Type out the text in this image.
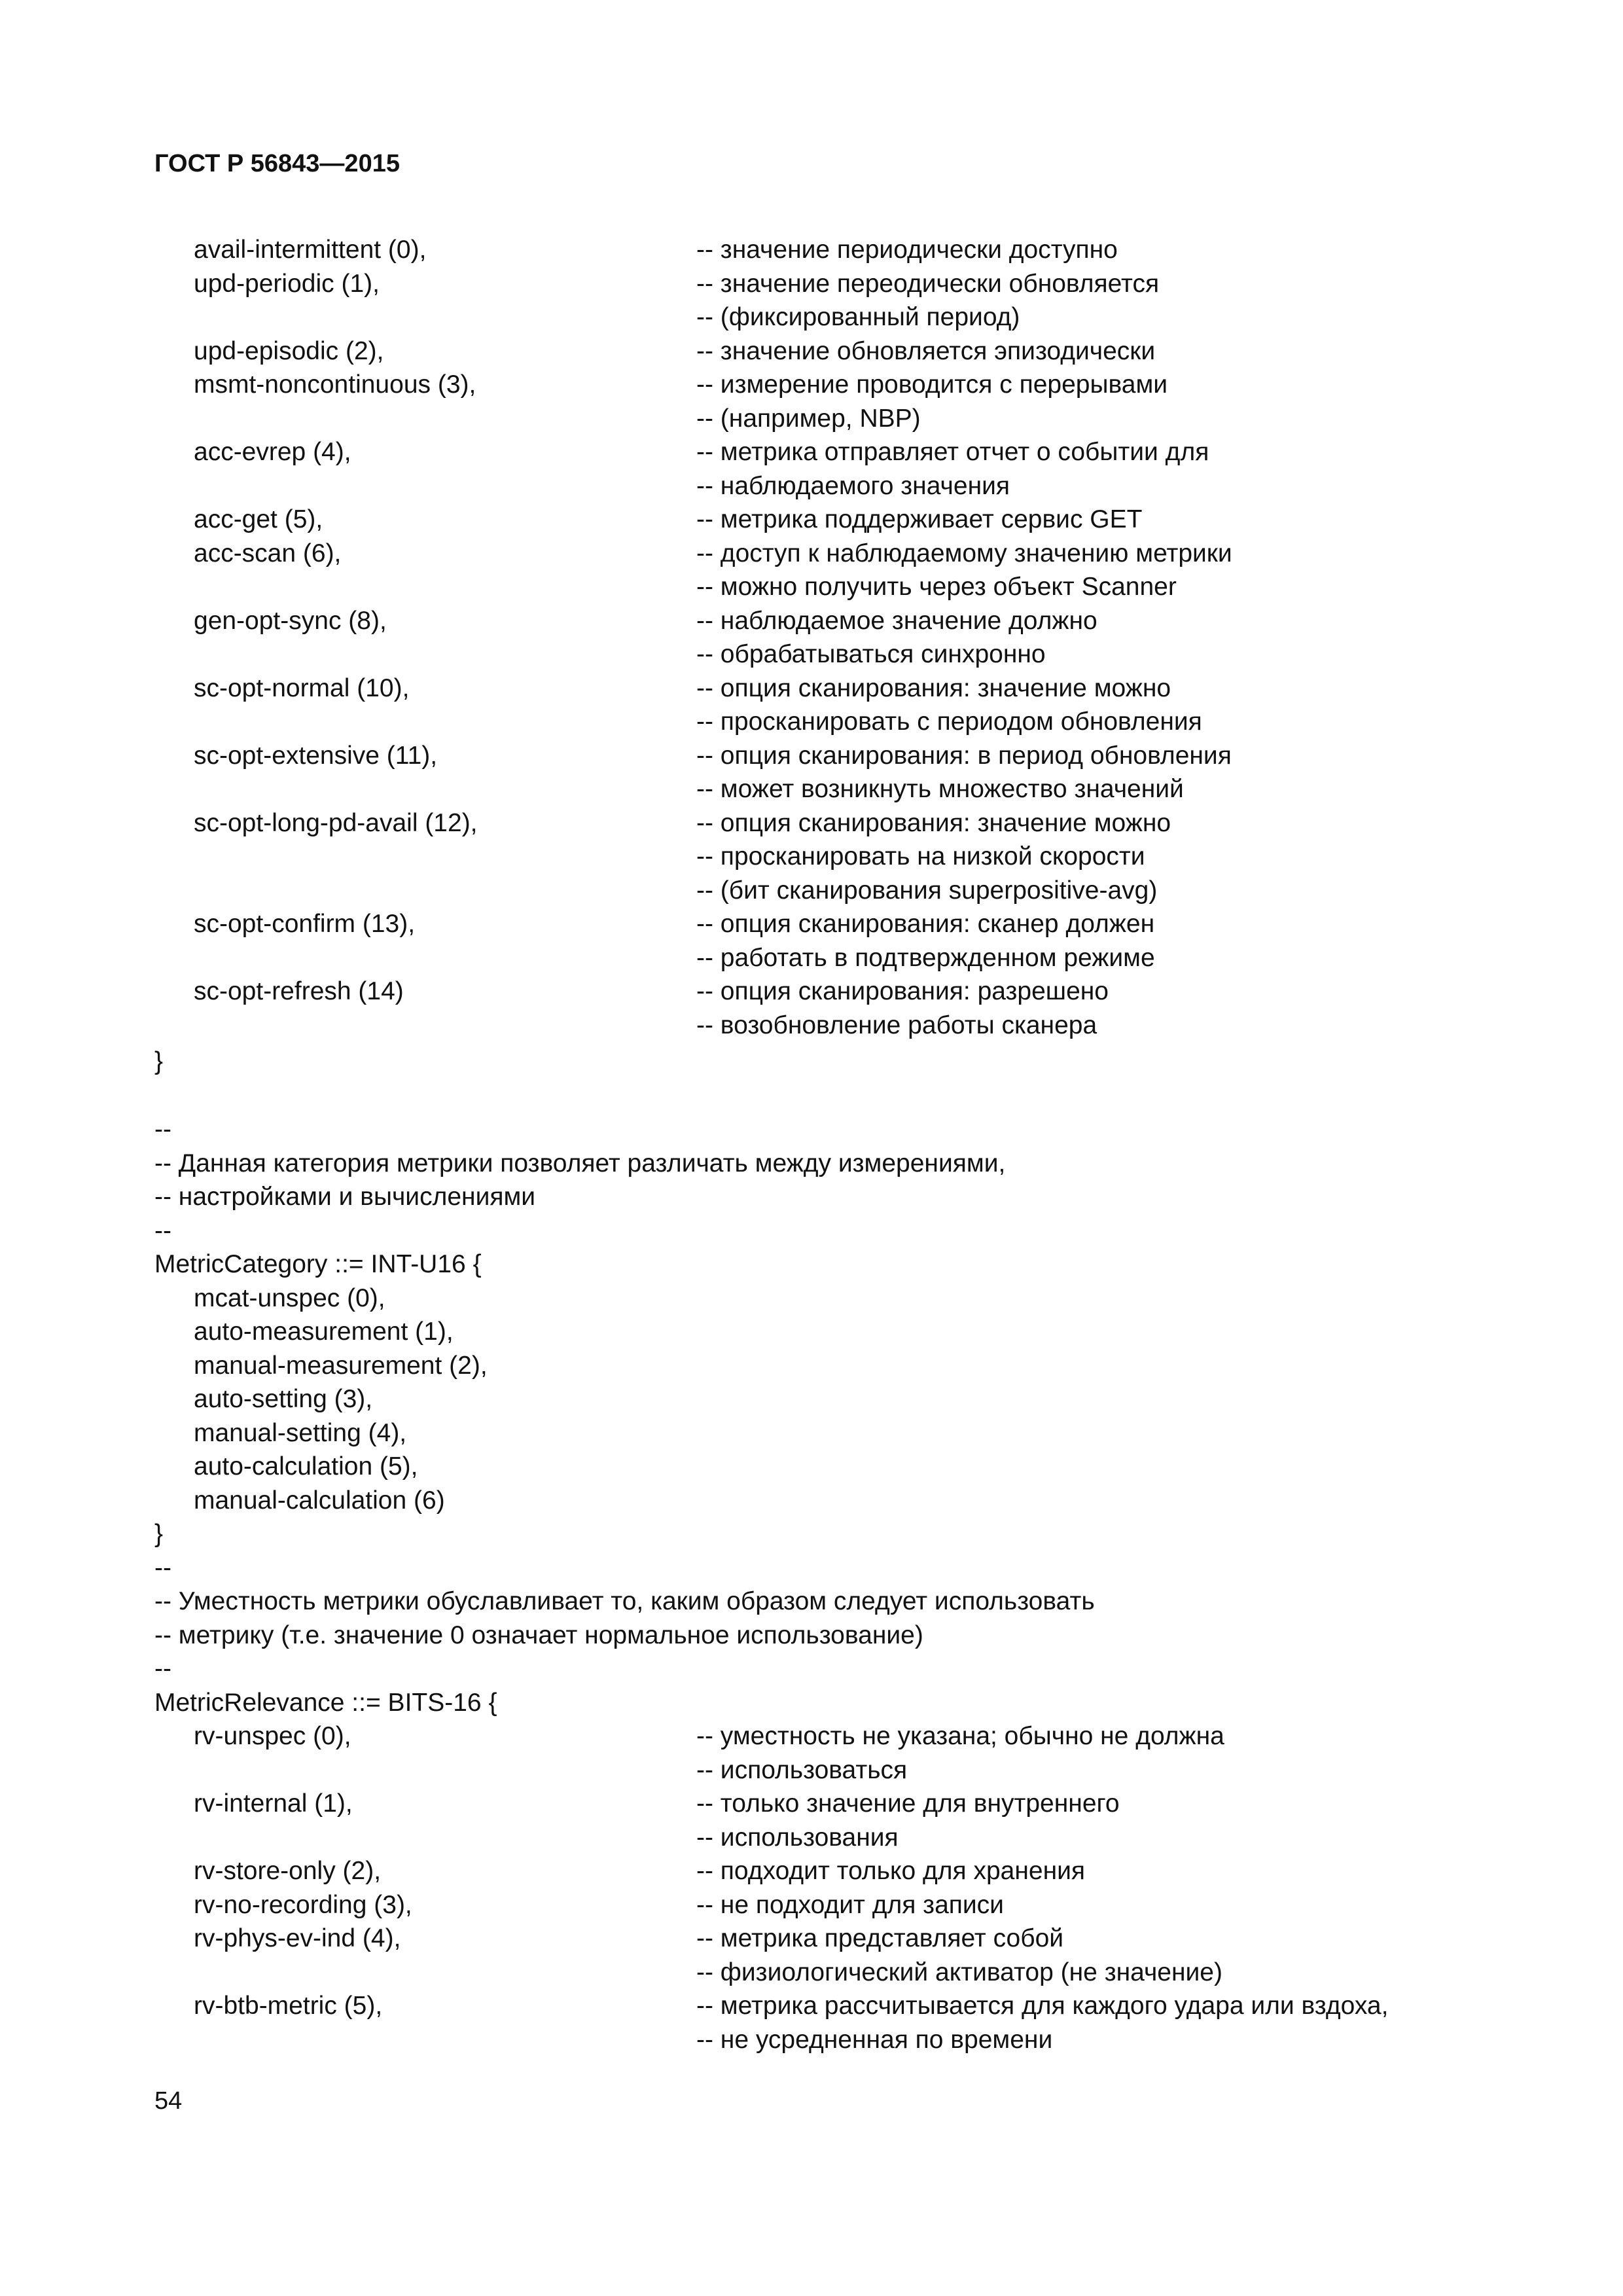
ГОСТ Р 56843—2015
avail-intermittent (0),	-- значение периодически доступно
upd-periodic (1),	-- значение переодически обновляется
-- (фиксированный период)
upd-episodic (2),	-- значение обновляется эпизодически
msmt-noncontinuous (3),	-- измерение проводится с перерывами
-- (например, NBP)
acc-evrep (4),	-- метрика отправляет отчет о событии для
-- наблюдаемого значения
acc-get (5),	-- метрика поддерживает сервис GET
acc-scan (6),	-- доступ к наблюдаемому значению метрики
-- можно получить через объект Scanner
gen-opt-sync (8),	-- наблюдаемое значение должно
-- обрабатываться синхронно
sc-opt-normal (10),	-- опция сканирования: значение можно
-- просканировать с периодом обновления
sc-opt-extensive (11),	-- опция сканирования: в период обновления
-- может возникнуть множество значений
sc-opt-long-pd-avail (12),	-- опция сканирования: значение можно
-- просканировать на низкой скорости
-- (бит сканирования superpositive-avg)
sc-opt-confirm (13),	-- опция сканирования: сканер должен
-- работать в подтвержденном режиме
sc-opt-refresh (14)	-- опция сканирования: разрешено
-- возобновление работы сканера
}
--
-- Данная категория метрики позволяет различать между измерениями,
-- настройками и вычислениями
--
MetricCategory ::= INT-U16 {
mcat-unspec (0),
auto-measurement (1),
manual-measurement (2),
auto-setting (3),
manual-setting (4),
auto-calculation (5),
manual-calculation (6)
}
--
-- Уместность метрики обуславливает то, каким образом следует использовать
-- метрику (т.е. значение 0 означает нормальное использование)
--
MetricRelevance ::= BITS-16 {
rv-unspec (0),	-- уместность не указана; обычно не должна
-- использоваться
rv-internal (1),	-- только значение для внутреннего
-- использования
rv-store-only (2),	-- подходит только для хранения
rv-no-recording (3),	-- не подходит для записи
rv-phys-ev-ind (4),	-- метрика представляет собой
-- физиологический активатор (не значение)
rv-btb-metric (5),	-- метрика рассчитывается для каждого удара или вздоха,
-- не усредненная по времени
54
